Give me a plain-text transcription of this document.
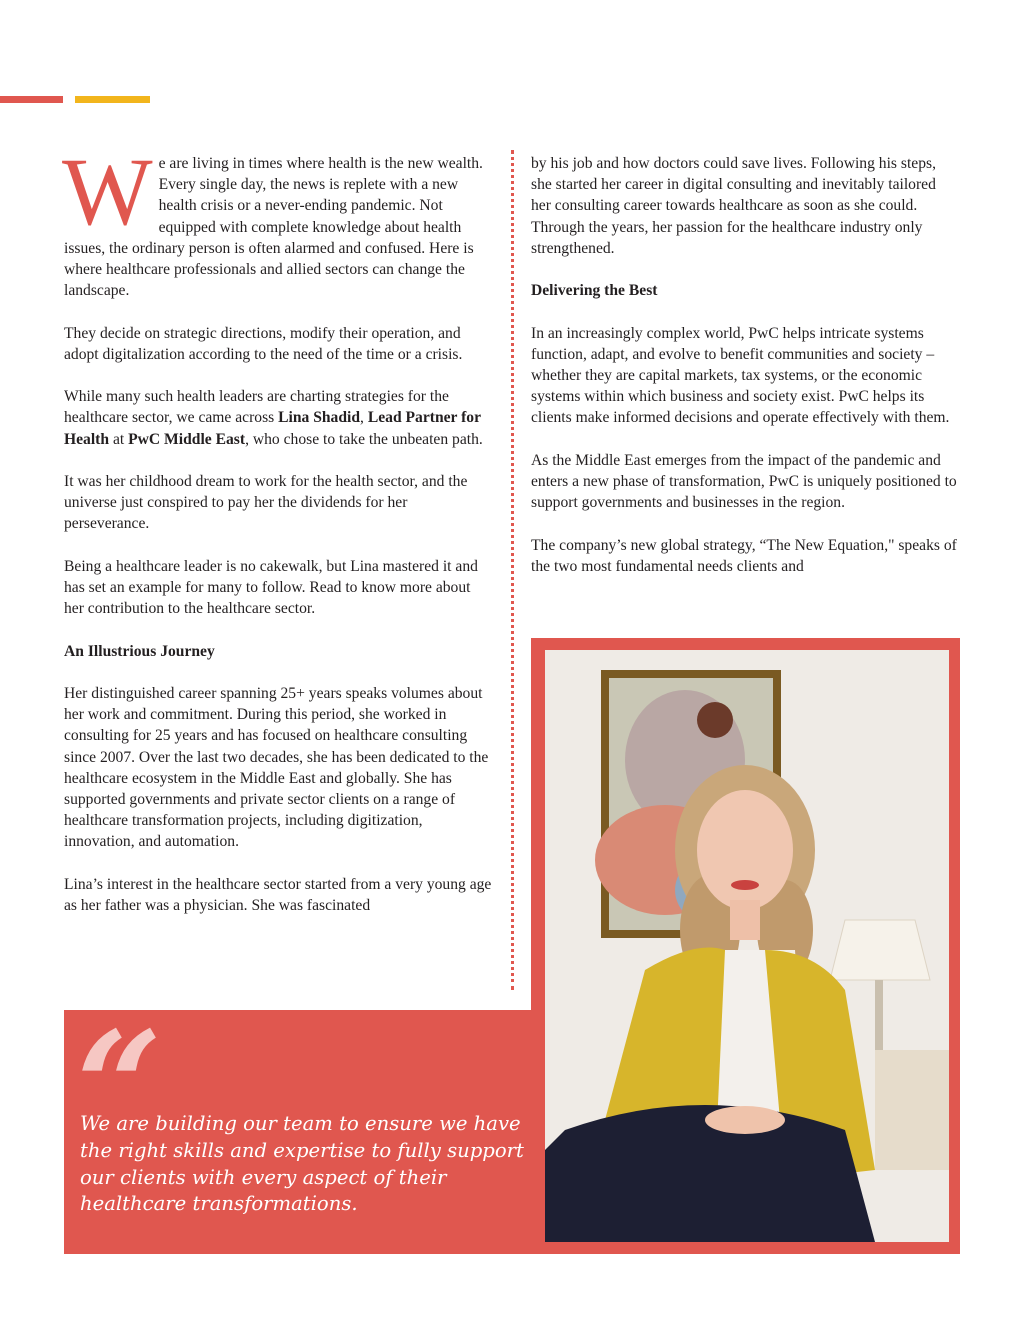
We are living in times where health is the new wealth. Every single day, the news is replete with a new health crisis or a never-ending pandemic. Not equipped with complete knowledge about health issues, the ordinary person is often alarmed and confused. Here is where healthcare professionals and allied sectors can change the landscape.

They decide on strategic directions, modify their operation, and adopt digitalization according to the need of the time or a crisis.

While many such health leaders are charting strategies for the healthcare sector, we came across Lina Shadid, Lead Partner for Health at PwC Middle East, who chose to take the unbeaten path.

It was her childhood dream to work for the health sector, and the universe just conspired to pay her the dividends for her perseverance.

Being a healthcare leader is no cakewalk, but Lina mastered it and has set an example for many to follow. Read to know more about her contribution to the healthcare sector.

An Illustrious Journey

Her distinguished career spanning 25+ years speaks volumes about her work and commitment. During this period, she worked in consulting for 25 years and has focused on healthcare consulting since 2007. Over the last two decades, she has been dedicated to the healthcare ecosystem in the Middle East and globally. She has supported governments and private sector clients on a range of healthcare transformation projects, including digitization, innovation, and automation.

Lina’s interest in the healthcare sector started from a very young age as her father was a physician. She was fascinated

by his job and how doctors could save lives. Following his steps, she started her career in digital consulting and inevitably tailored her consulting career towards healthcare as soon as she could. Through the years, her passion for the healthcare industry only strengthened.

Delivering the Best

In an increasingly complex world, PwC helps intricate systems function, adapt, and evolve to benefit communities and society – whether they are capital markets, tax systems, or the economic systems within which business and society exist. PwC helps its clients make informed decisions and operate effectively with them.

As the Middle East emerges from the impact of the pandemic and enters a new phase of transformation, PwC is uniquely positioned to support governments and businesses in the region.

The company’s new global strategy, “The New Equation," speaks of the two most fundamental needs clients and

“

We are building our team to ensure we have the right skills and expertise to fully support our clients with every aspect of their healthcare transformations.
